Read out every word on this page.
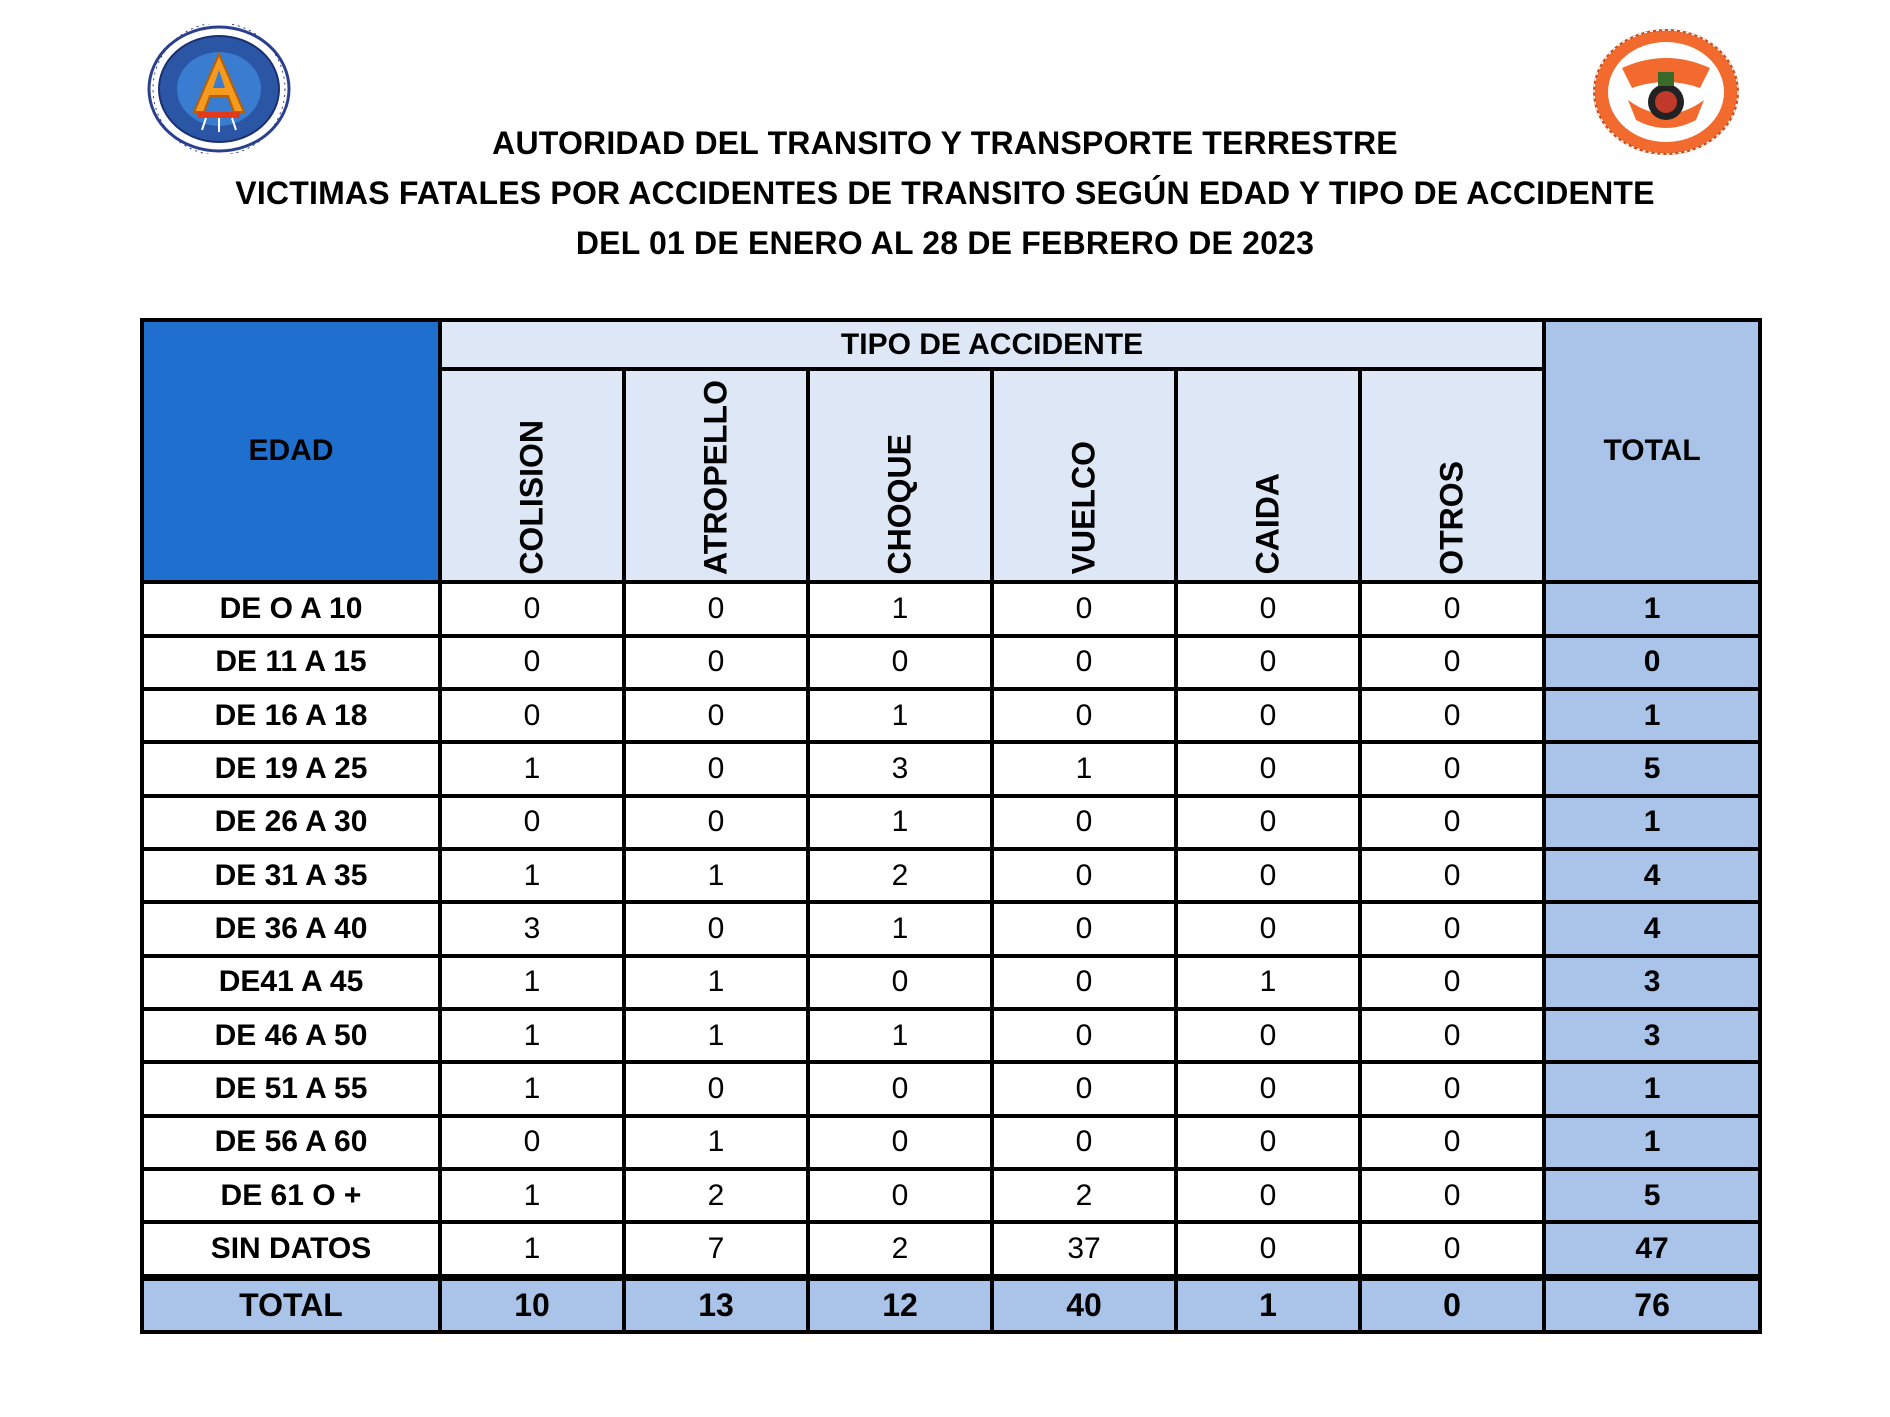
AUTORIDAD DEL TRANSITO Y TRANSPORTE TERRESTRE
VICTIMAS FATALES POR ACCIDENTES DE TRANSITO SEGÚN EDAD Y TIPO DE ACCIDENTE
DEL 01 DE ENERO AL 28 DE FEBRERO DE 2023
EDAD	TIPO DE ACCIDENTE						TOTAL

	COLISION	ATROPELLO	CHOQUE	VUELCO	CAIDA	OTROS	

DE O A 10	0	0	1	0	0	0	1
DE 11 A 15	0	0	0	0	0	0	0
DE 16 A 18	0	0	1	0	0	0	1
DE 19 A 25	1	0	3	1	0	0	5
DE 26 A 30	0	0	1	0	0	0	1
DE 31 A 35	1	1	2	0	0	0	4
DE 36 A 40	3	0	1	0	0	0	4
DE41 A 45	1	1	0	0	1	0	3
DE 46 A 50	1	1	1	0	0	0	3
DE 51 A 55	1	0	0	0	0	0	1
DE 56 A 60	0	1	0	0	0	0	1
DE 61 O +	1	2	0	2	0	0	5
SIN DATOS	1	7	2	37	0	0	47
TOTAL	10	13	12	40	1	0	76
